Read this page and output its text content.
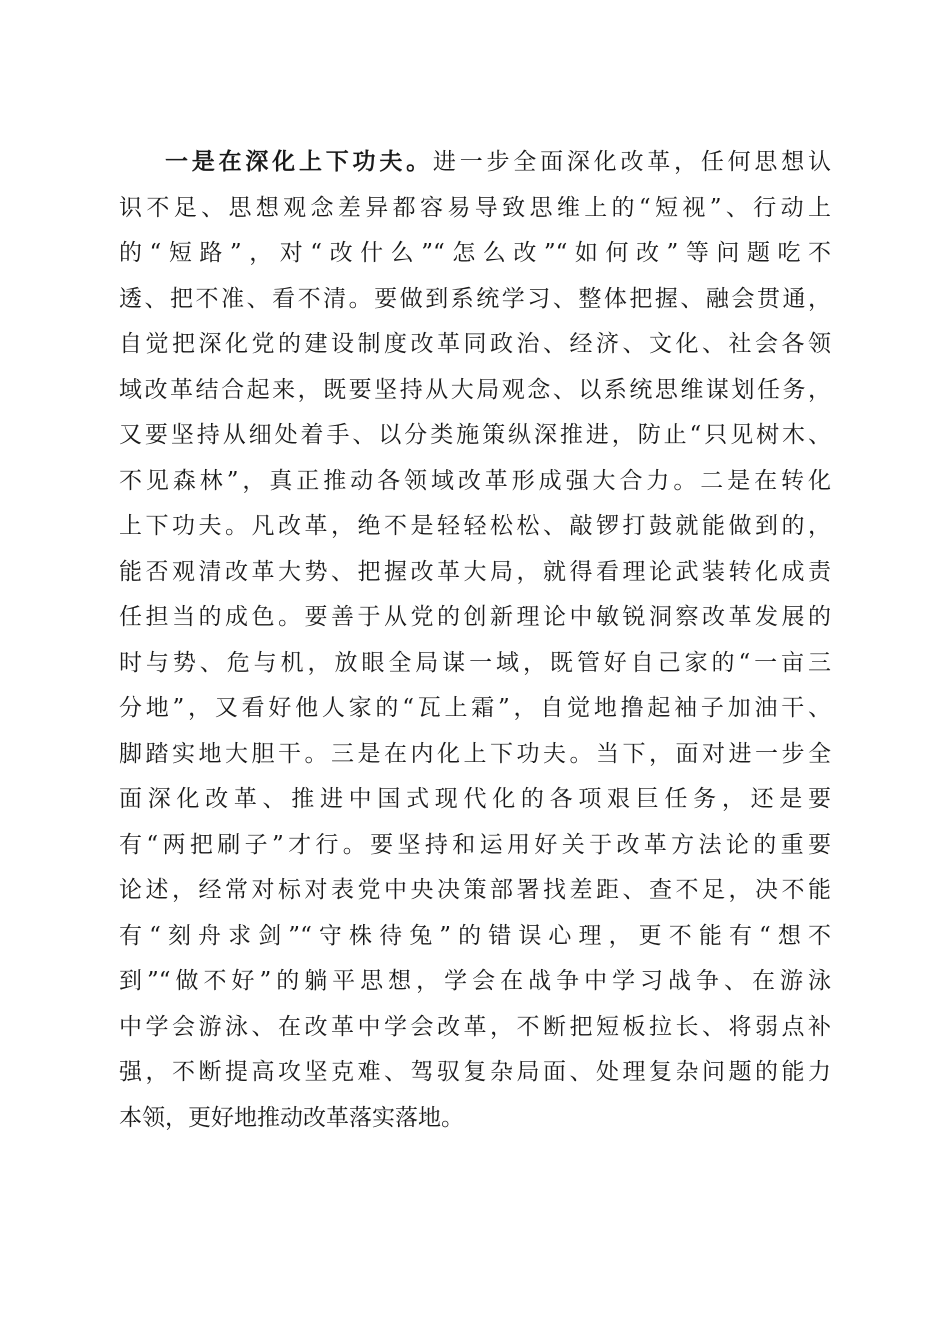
一是在深化上下功夫。进一步全面深化改革，任何思想认
识不足、思想观念差异都容易导致思维上的“短视”、行动上
的“短路”，对“改什么”“怎么改”“如何改”等问题吃不
透、把不准、看不清。要做到系统学习、整体把握、融会贯通，
自觉把深化党的建设制度改革同政治、经济、文化、社会各领
域改革结合起来，既要坚持从大局观念、以系统思维谋划任务，
又要坚持从细处着手、以分类施策纵深推进，防止“只见树木、
不见森林”，真正推动各领域改革形成强大合力。二是在转化
上下功夫。凡改革，绝不是轻轻松松、敲锣打鼓就能做到的，
能否观清改革大势、把握改革大局，就得看理论武装转化成责
任担当的成色。要善于从党的创新理论中敏锐洞察改革发展的
时与势、危与机，放眼全局谋一域，既管好自己家的“一亩三
分地”，又看好他人家的“瓦上霜”，自觉地撸起袖子加油干、
脚踏实地大胆干。三是在内化上下功夫。当下，面对进一步全
面深化改革、推进中国式现代化的各项艰巨任务，还是要
有“两把刷子”才行。要坚持和运用好关于改革方法论的重要
论述，经常对标对表党中央决策部署找差距、查不足，决不能
有“刻舟求剑”“守株待兔”的错误心理，更不能有“想不
到”“做不好”的躺平思想，学会在战争中学习战争、在游泳
中学会游泳、在改革中学会改革，不断把短板拉长、将弱点补
强，不断提高攻坚克难、驾驭复杂局面、处理复杂问题的能力
本领，更好地推动改革落实落地。
